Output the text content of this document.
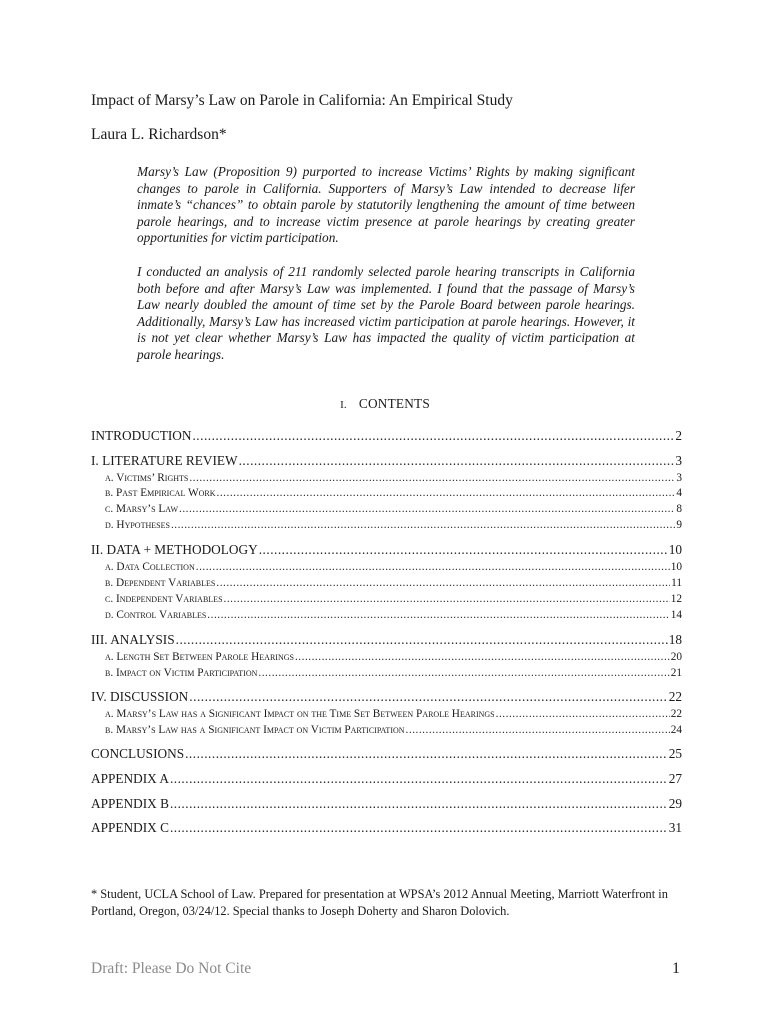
Impact of Marsy’s Law on Parole in California: An Empirical Study
Laura L. Richardson*

Marsy’s Law (Proposition 9) purported to increase Victims’ Rights by making significant changes to parole in California. Supporters of Marsy’s Law intended to decrease lifer inmate’s “chances” to obtain parole by statutorily lengthening the amount of time between parole hearings, and to increase victim presence at parole hearings by creating greater opportunities for victim participation.

I conducted an analysis of 211 randomly selected parole hearing transcripts in California both before and after Marsy’s Law was implemented. I found that the passage of Marsy’s Law nearly doubled the amount of time set by the Parole Board between parole hearings. Additionally, Marsy’s Law has increased victim participation at parole hearings. However, it is not yet clear whether Marsy’s Law has impacted the quality of victim participation at parole hearings.

I. CONTENTS
INTRODUCTION .....	2
I. LITERATURE REVIEW .....	3
a. Victims’ Rights .....	3
b. Past Empirical Work .....	4
c. Marsy’s Law .....	8
d. Hypotheses .....	9
II. DATA + METHODOLOGY .....	10
a. Data Collection .....	10
b. Dependent Variables .....	11
c. Independent Variables .....	12
d. Control Variables .....	14
III. ANALYSIS .....	18
a. Length Set Between Parole Hearings .....	20
b. Impact on Victim Participation .....	21
IV. DISCUSSION .....	22
a. Marsy’s Law has a Significant Impact on the Time Set Between Parole Hearings .....	22
b. Marsy’s Law has a Significant Impact on Victim Participation .....	24
CONCLUSIONS .....	25
APPENDIX A .....	27
APPENDIX B .....	29
APPENDIX C .....	31
* Student, UCLA School of Law. Prepared for presentation at WPSA’s 2012 Annual Meeting, Marriott Waterfront in Portland, Oregon, 03/24/12. Special thanks to Joseph Doherty and Sharon Dolovich.
Draft: Please Do Not Cite	1
